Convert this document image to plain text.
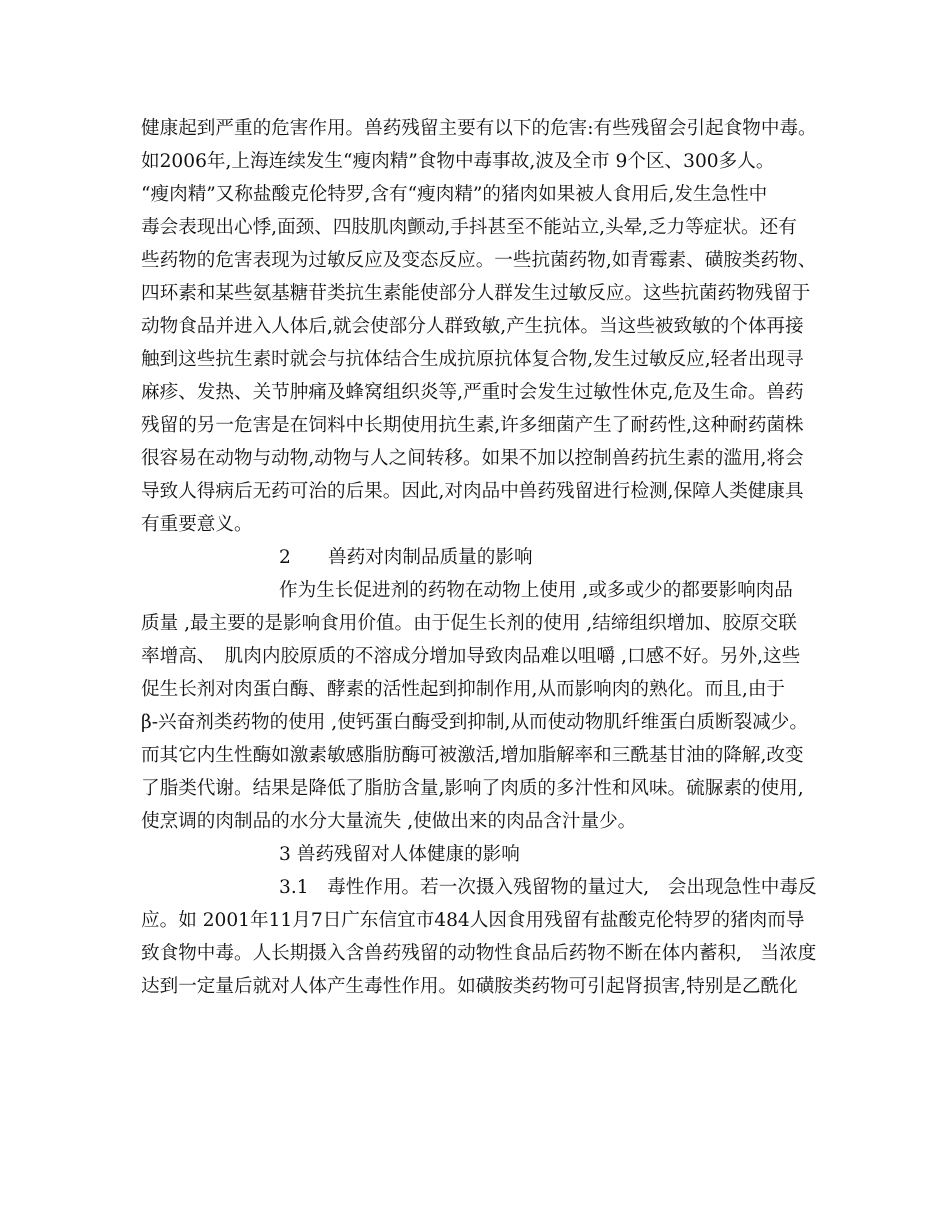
健康起到严重的危害作用。兽药残留主要有以下的危害:有些残留会引起食物中毒。
如2006年,上海连续发生“瘦肉精”食物中毒事故,波及全市 9个区、300多人。
“瘦肉精”又称盐酸克伦特罗,含有“瘦肉精”的猪肉如果被人食用后,发生急性中
毒会表现出心悸,面颈、四肢肌肉颤动,手抖甚至不能站立,头晕,乏力等症状。还有
些药物的危害表现为过敏反应及变态反应。一些抗菌药物,如青霉素、磺胺类药物、
四环素和某些氨基糖苷类抗生素能使部分人群发生过敏反应。这些抗菌药物残留于
动物食品并进入人体后,就会使部分人群致敏,产生抗体。当这些被致敏的个体再接
触到这些抗生素时就会与抗体结合生成抗原抗体复合物,发生过敏反应,轻者出现寻
麻疹、发热、关节肿痛及蜂窝组织炎等,严重时会发生过敏性休克,危及生命。兽药
残留的另一危害是在饲料中长期使用抗生素,许多细菌产生了耐药性,这种耐药菌株
很容易在动物与动物,动物与人之间转移。如果不加以控制兽药抗生素的滥用,将会
导致人得病后无药可治的后果。因此,对肉品中兽药残留进行检测,保障人类健康具
有重要意义。
2　　兽药对肉制品质量的影响
作为生长促进剂的药物在动物上使用 ,或多或少的都要影响肉品
质量 ,最主要的是影响食用价值。由于促生长剂的使用 ,结缔组织增加、胶原交联
率增高、　肌肉内胶原质的不溶成分增加导致肉品难以咀嚼 ,口感不好。另外,这些
促生长剂对肉蛋白酶、酵素的活性起到抑制作用,从而影响肉的熟化。而且,由于
β-兴奋剂类药物的使用 ,使钙蛋白酶受到抑制,从而使动物肌纤维蛋白质断裂减少。
而其它内生性酶如激素敏感脂肪酶可被激活,增加脂解率和三酰基甘油的降解,改变
了脂类代谢。结果是降低了脂肪含量,影响了肉质的多汁性和风味。硫脲素的使用,
使烹调的肉制品的水分大量流失 ,使做出来的肉品含汁量少。
3 兽药残留对人体健康的影响
3.1　毒性作用。若一次摄入残留物的量过大,　会出现急性中毒反
应。如 2001年11月7日广东信宜市484人因食用残留有盐酸克伦特罗的猪肉而导
致食物中毒。人长期摄入含兽药残留的动物性食品后药物不断在体内蓄积,　当浓度
达到一定量后就对人体产生毒性作用。如磺胺类药物可引起肾损害,特别是乙酰化
